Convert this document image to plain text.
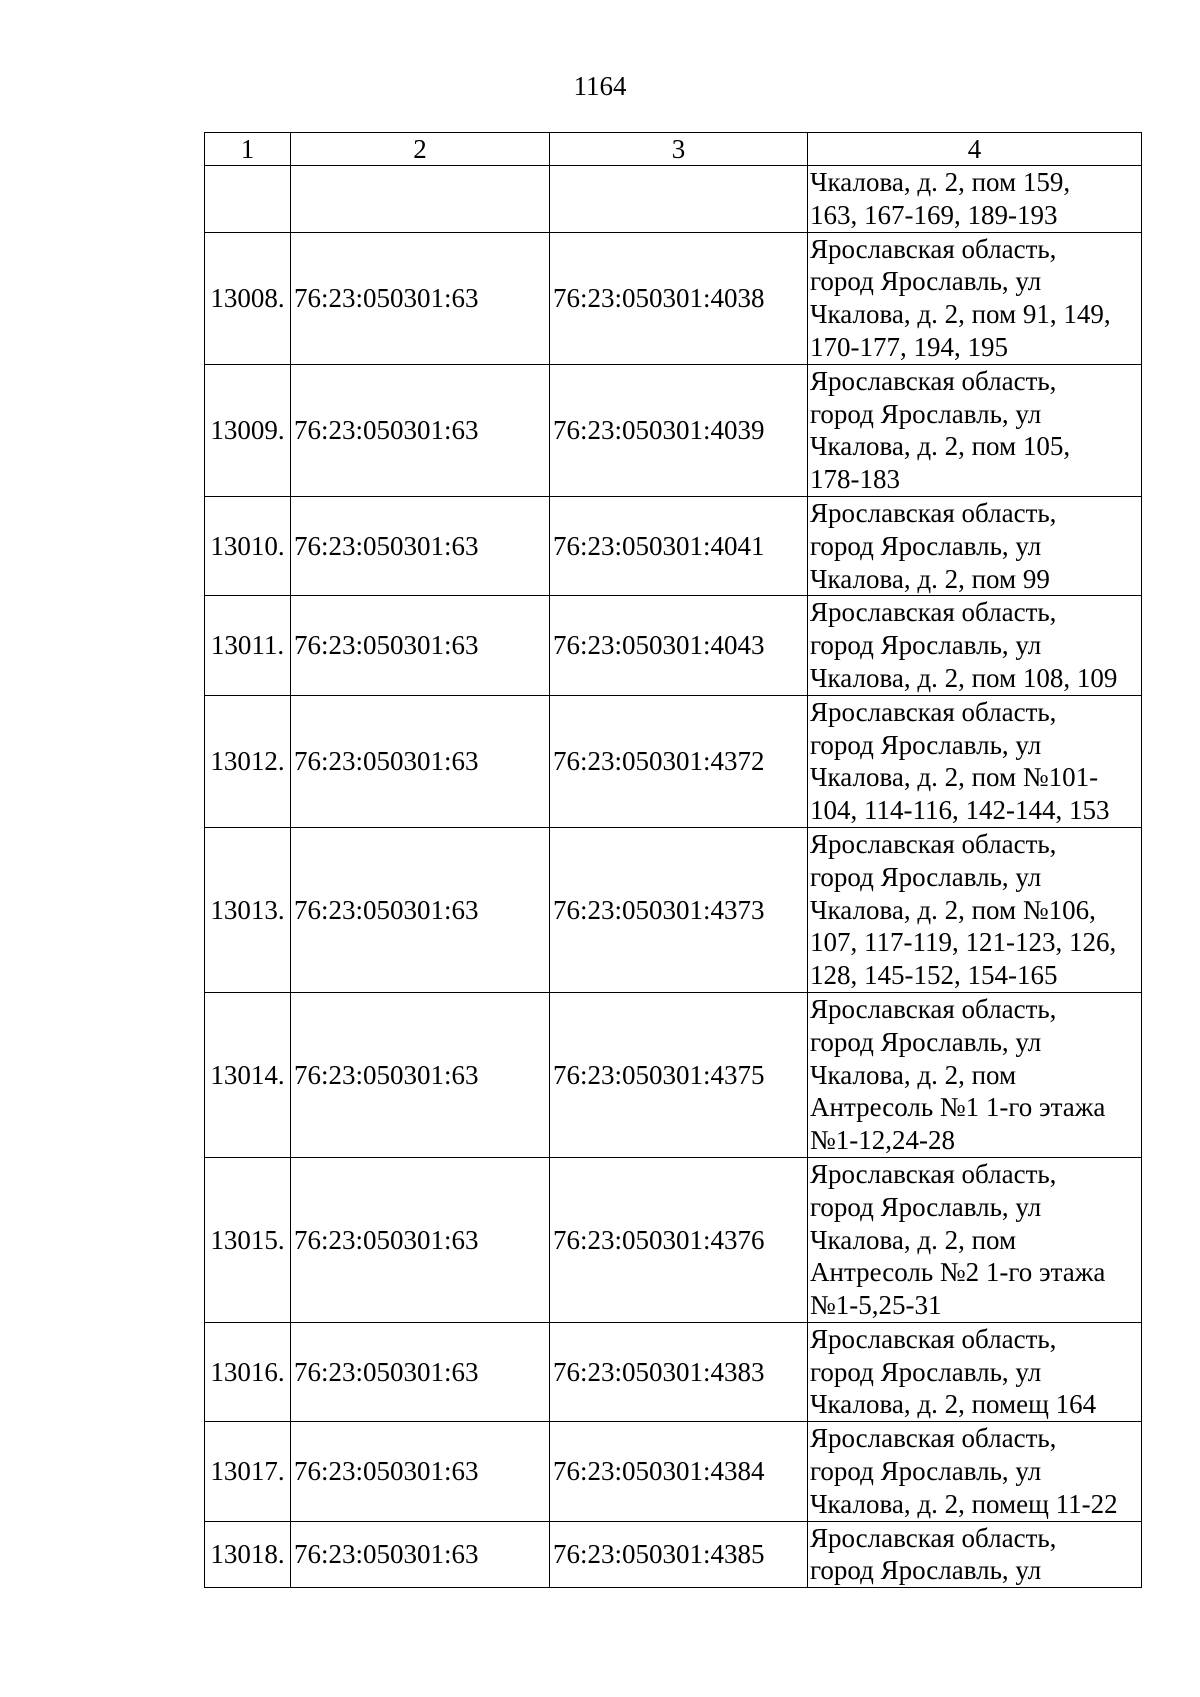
1164
1	2	3	4
			Чкалова, д. 2, пом 159,
163, 167-169, 189-193
13008.	76:23:050301:63	76:23:050301:4038	Ярославская область,
город Ярославль, ул
Чкалова, д. 2, пом 91, 149,
170-177, 194, 195
13009.	76:23:050301:63	76:23:050301:4039	Ярославская область,
город Ярославль, ул
Чкалова, д. 2, пом 105,
178-183
13010.	76:23:050301:63	76:23:050301:4041	Ярославская область,
город Ярославль, ул
Чкалова, д. 2, пом 99
13011.	76:23:050301:63	76:23:050301:4043	Ярославская область,
город Ярославль, ул
Чкалова, д. 2, пом 108, 109
13012.	76:23:050301:63	76:23:050301:4372	Ярославская область,
город Ярославль, ул
Чкалова, д. 2, пом №101-
104, 114-116, 142-144, 153
13013.	76:23:050301:63	76:23:050301:4373	Ярославская область,
город Ярославль, ул
Чкалова, д. 2, пом №106,
107, 117-119, 121-123, 126,
128, 145-152, 154-165
13014.	76:23:050301:63	76:23:050301:4375	Ярославская область,
город Ярославль, ул
Чкалова, д. 2, пом
Антресоль №1 1-го этажа
№1-12,24-28
13015.	76:23:050301:63	76:23:050301:4376	Ярославская область,
город Ярославль, ул
Чкалова, д. 2, пом
Антресоль №2 1-го этажа
№1-5,25-31
13016.	76:23:050301:63	76:23:050301:4383	Ярославская область,
город Ярославль, ул
Чкалова, д. 2, помещ 164
13017.	76:23:050301:63	76:23:050301:4384	Ярославская область,
город Ярославль, ул
Чкалова, д. 2, помещ 11-22
13018.	76:23:050301:63	76:23:050301:4385	Ярославская область,
город Ярославль, ул
